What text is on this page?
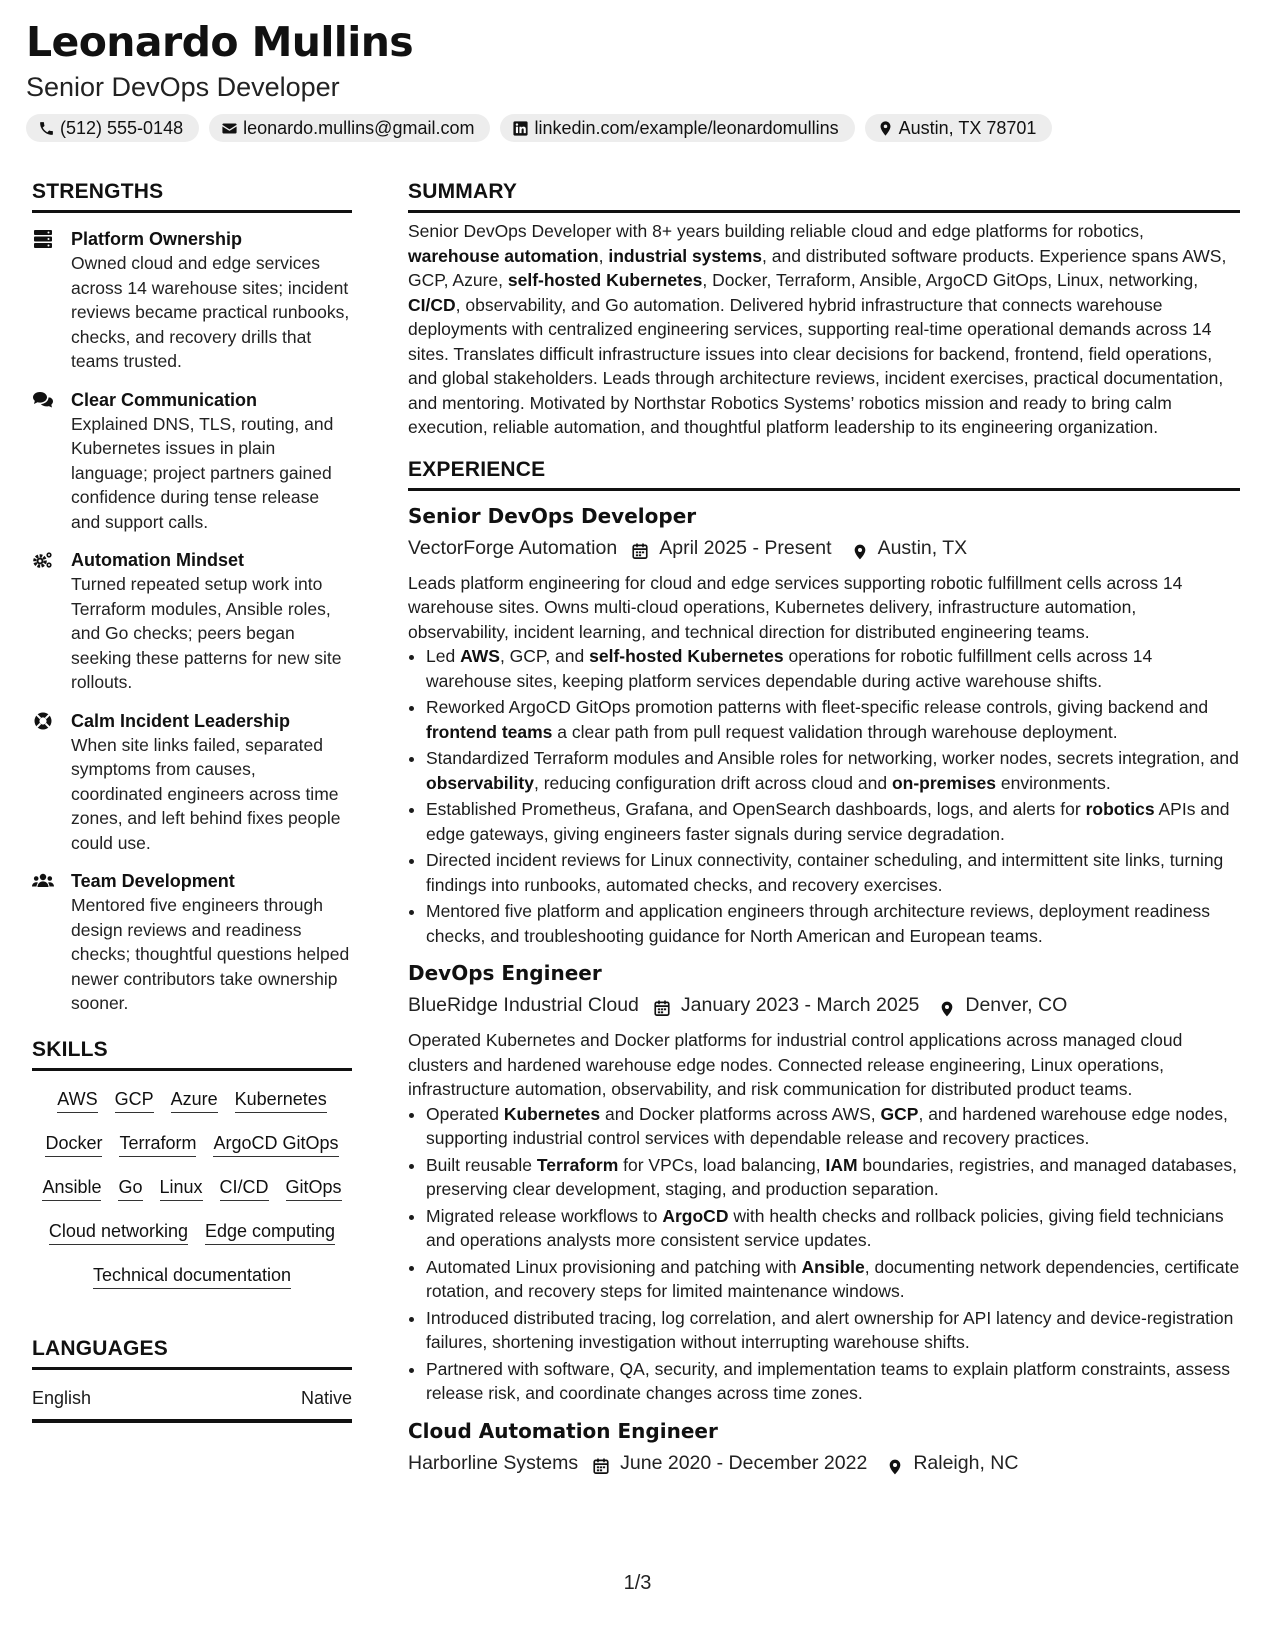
Leonardo Mullins
Senior DevOps Developer
(512) 555-0148	leonardo.mullins@gmail.com	linkedin.com/example/leonardomullins	Austin, TX 78701
STRENGTHS
Platform Ownership
Owned cloud and edge services across 14 warehouse sites; incident reviews became practical runbooks, checks, and recovery drills that teams trusted.
Clear Communication
Explained DNS, TLS, routing, and Kubernetes issues in plain language; project partners gained confidence during tense release and support calls.
Automation Mindset
Turned repeated setup work into Terraform modules, Ansible roles, and Go checks; peers began seeking these patterns for new site rollouts.
Calm Incident Leadership
When site links failed, separated symptoms from causes, coordinated engineers across time zones, and left behind fixes people could use.
Team Development
Mentored five engineers through design reviews and readiness checks; thoughtful questions helped newer contributors take ownership sooner.
SKILLS
AWS GCP Azure Kubernetes
Docker Terraform ArgoCD GitOps
Ansible Go Linux CI/CD GitOps
Cloud networking Edge computing
Technical documentation
LANGUAGES
English	Native
SUMMARY
Senior DevOps Developer with 8+ years building reliable cloud and edge platforms for robotics, warehouse automation, industrial systems, and distributed software products. Experience spans AWS, GCP, Azure, self-hosted Kubernetes, Docker, Terraform, Ansible, ArgoCD GitOps, Linux, networking, CI/CD, observability, and Go automation. Delivered hybrid infrastructure that connects warehouse deployments with centralized engineering services, supporting real-time operational demands across 14 sites. Translates difficult infrastructure issues into clear decisions for backend, frontend, field operations, and global stakeholders. Leads through architecture reviews, incident exercises, practical documentation, and mentoring. Motivated by Northstar Robotics Systems’ robotics mission and ready to bring calm execution, reliable automation, and thoughtful platform leadership to its engineering organization.
EXPERIENCE
Senior DevOps Developer
VectorForge Automation April 2025 - Present Austin, TX
Leads platform engineering for cloud and edge services supporting robotic fulfillment cells across 14 warehouse sites. Owns multi-cloud operations, Kubernetes delivery, infrastructure automation, observability, incident learning, and technical direction for distributed engineering teams.
• Led AWS, GCP, and self-hosted Kubernetes operations for robotic fulfillment cells across 14 warehouse sites, keeping platform services dependable during active warehouse shifts.
• Reworked ArgoCD GitOps promotion patterns with fleet-specific release controls, giving backend and frontend teams a clear path from pull request validation through warehouse deployment.
• Standardized Terraform modules and Ansible roles for networking, worker nodes, secrets integration, and observability, reducing configuration drift across cloud and on-premises environments.
• Established Prometheus, Grafana, and OpenSearch dashboards, logs, and alerts for robotics APIs and edge gateways, giving engineers faster signals during service degradation.
• Directed incident reviews for Linux connectivity, container scheduling, and intermittent site links, turning findings into runbooks, automated checks, and recovery exercises.
• Mentored five platform and application engineers through architecture reviews, deployment readiness checks, and troubleshooting guidance for North American and European teams.
DevOps Engineer
BlueRidge Industrial Cloud January 2023 - March 2025 Denver, CO
Operated Kubernetes and Docker platforms for industrial control applications across managed cloud clusters and hardened warehouse edge nodes. Connected release engineering, Linux operations, infrastructure automation, observability, and risk communication for distributed product teams.
• Operated Kubernetes and Docker platforms across AWS, GCP, and hardened warehouse edge nodes, supporting industrial control services with dependable release and recovery practices.
• Built reusable Terraform for VPCs, load balancing, IAM boundaries, registries, and managed databases, preserving clear development, staging, and production separation.
• Migrated release workflows to ArgoCD with health checks and rollback policies, giving field technicians and operations analysts more consistent service updates.
• Automated Linux provisioning and patching with Ansible, documenting network dependencies, certificate rotation, and recovery steps for limited maintenance windows.
• Introduced distributed tracing, log correlation, and alert ownership for API latency and device-registration failures, shortening investigation without interrupting warehouse shifts.
• Partnered with software, QA, security, and implementation teams to explain platform constraints, assess release risk, and coordinate changes across time zones.
Cloud Automation Engineer
Harborline Systems June 2020 - December 2022 Raleigh, NC
1/3
